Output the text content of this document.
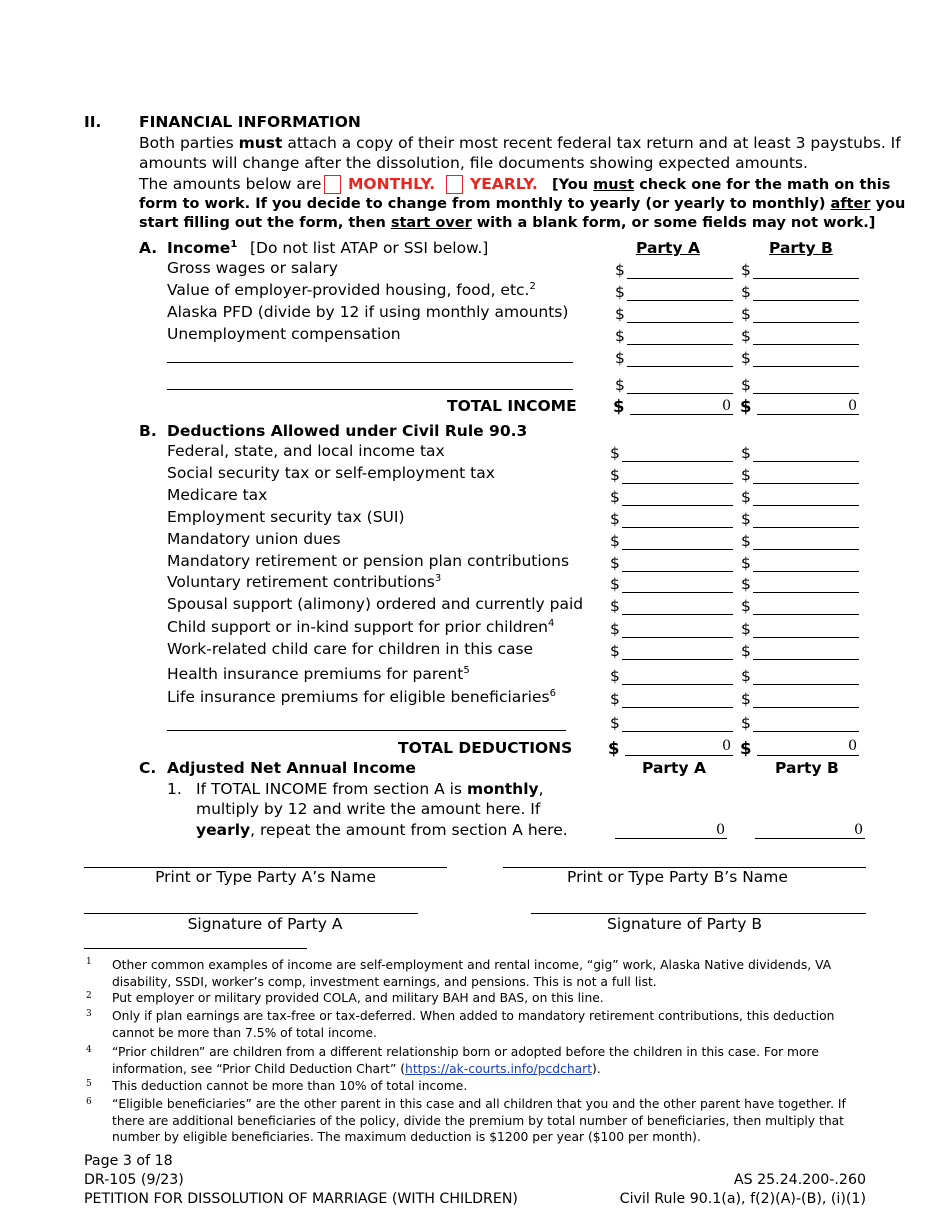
II. FINANCIAL INFORMATION
Both parties must attach a copy of their most recent federal tax return and at least 3 paystubs. If
amounts will change after the dissolution, file documents showing expected amounts.
The amounts below are MONTHLY. YEARLY. [You must check one for the math on this
form to work. If you decide to change from monthly to yearly (or yearly to monthly) after you
start filling out the form, then start over with a blank form, or some fields may not work.]
A. Income$^1$ [Do not list ATAP or SSI below.]	Party A	Party B
Gross wages or salary	$	$
Value of employer-provided housing, food, etc.$^2$	$	$
Alaska PFD (divide by 12 if using monthly amounts)	$	$
Unemployment compensation	$	$
$	$
$	$
TOTAL INCOME $	0 $	0
B. Deductions Allowed under Civil Rule 90.3
Federal, state, and local income tax	$	$
Social security tax or self-employment tax	$	$
Medicare tax	$	$
Employment security tax (SUI)	$	$
Mandatory union dues	$	$
Mandatory retirement or pension plan contributions	$	$
Voluntary retirement contributions$^3$	$	$
Spousal support (alimony) ordered and currently paid $	$
Child support or in-kind support for prior children$^4$	$	$
Work-related child care for children in this case	$	$
Health insurance premiums for parent$^5$	$	$
Life insurance premiums for eligible beneficiaries$^6$	$	$
$	$
TOTAL DEDUCTIONS $	0 $	0
C. Adjusted Net Annual Income	Party A	Party B
1. If TOTAL INCOME from section A is monthly,
multiply by 12 and write the amount here. If
yearly, repeat the amount from section A here.	0	0
Print or Type Party A’s Name	Print or Type Party B’s Name
Signature of Party A	Signature of Party B
1 Other common examples of income are self-employment and rental income, “gig” work, Alaska Native dividends, VA
disability, SSDI, worker’s comp, investment earnings, and pensions. This is not a full list.
2 Put employer or military provided COLA, and military BAH and BAS, on this line.
3 Only if plan earnings are tax-free or tax-deferred. When added to mandatory retirement contributions, this deduction
cannot be more than 7.5% of total income.
4 “Prior children” are children from a different relationship born or adopted before the children in this case. For more
information, see “Prior Child Deduction Chart” (https://ak-courts.info/pcdchart).
5 This deduction cannot be more than 10% of total income.
6 “Eligible beneficiaries” are the other parent in this case and all children that you and the other parent have together. If
there are additional beneficiaries of the policy, divide the premium by total number of beneficiaries, then multiply that
number by eligible beneficiaries. The maximum deduction is $1200 per year ($100 per month).
Page 3 of 18
DR-105 (9/23)
PETITION FOR DISSOLUTION OF MARRIAGE (WITH CHILDREN)
AS 25.24.200-.260
Civil Rule 90.1(a), f(2)(A)-(B), (i)(1)
